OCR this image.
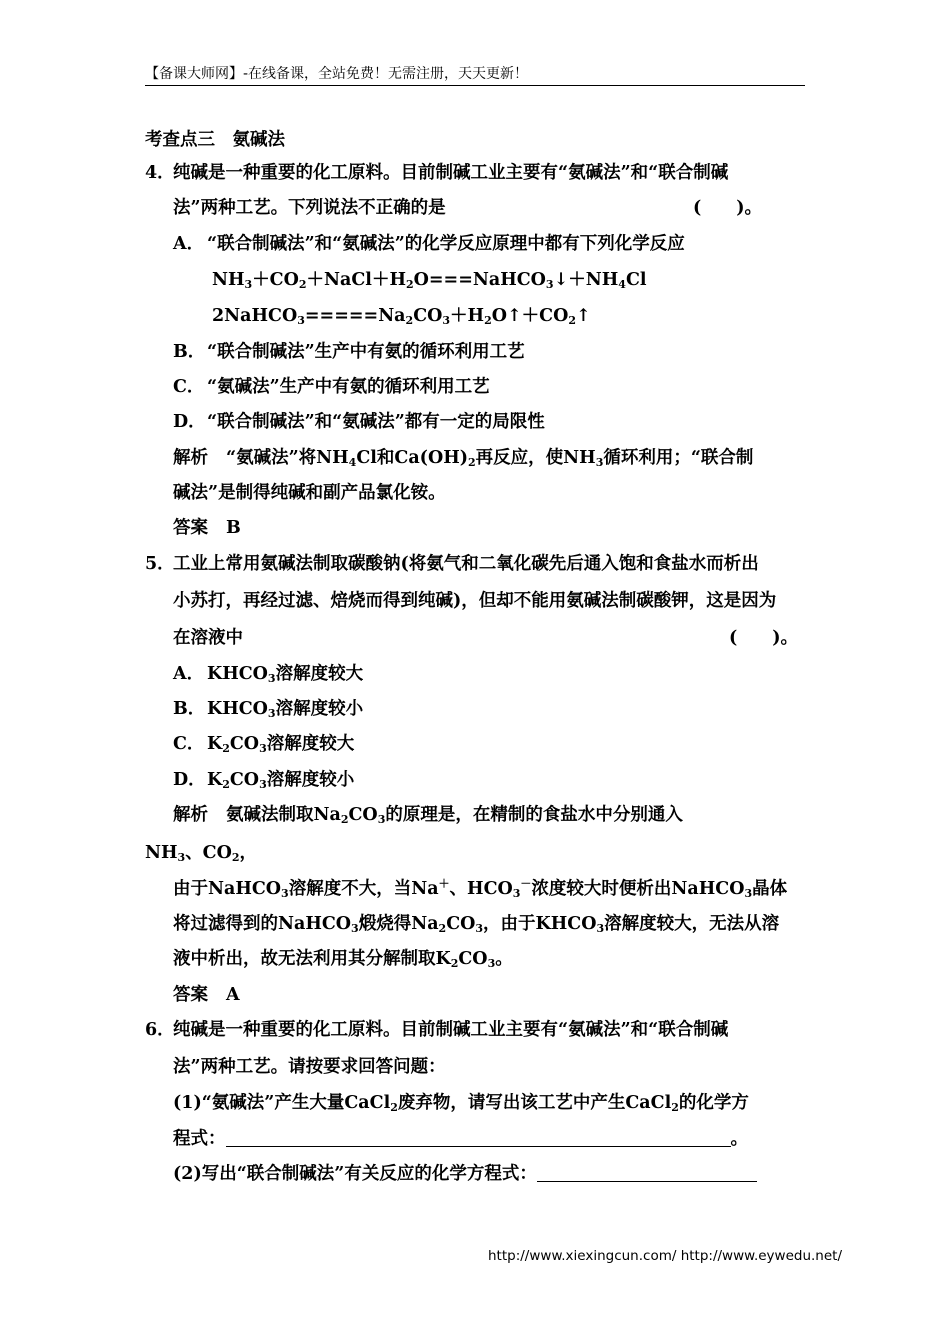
【备课大师网】-在线备课，全站免费！无需注册，天天更新！
考查点三　氨碱法
4．纯碱是一种重要的化工原料。目前制碱工业主要有“氨碱法”和“联合制碱
法”两种工艺。下列说法不正确的是	(　　)。
A． “联合制碱法”和“氨碱法”的化学反应原理中都有下列化学反应
$NH_3+CO_2+NaCl+H_2O===NaHCO_3↓+NH_4Cl$
$2NaHCO_3=====Na_2CO_3+H_2O↑+CO_2↑$
B．“联合制碱法”生产中有氨的循环利用工艺
C． “氨碱法”生产中有氨的循环利用工艺
D．“联合制碱法”和“氨碱法”都有一定的局限性
解析 “氨碱法”将$NH_4Cl$和$Ca(OH)_2$再反应，使$NH_3$循环利用；“联合制
碱法”是制得纯碱和副产品氯化铵。
答案 B
5．工业上常用氨碱法制取碳酸钠(将氨气和二氧化碳先后通入饱和食盐水而析出
小苏打，再经过滤、焙烧而得到纯碱)，但却不能用氨碱法制碳酸钾，这是因为
在溶液中	(　　)。
A． $KHCO_3$溶解度较大
B．$KHCO_3$溶解度较小
C． $K_2CO_3$溶解度较大
D．$K_2CO_3$溶解度较小
解析 氨碱法制取$Na_2CO_3$的原理是，在精制的食盐水中分别通入
$NH_3$、$CO_2$，
由于NaHCO$_3$溶解度不大，当Na＋、$HCO_3^-$浓度较大时便析出NaHCO$_3$晶体
将过滤得到的NaHCO$_3$煅烧得$Na_2CO_3$，由于$KHCO_3$溶解度较大，无法从溶
液中析出，故无法利用其分解制取$K_2CO_3$。
答案 A
6．纯碱是一种重要的化工原料。目前制碱工业主要有“氨碱法”和“联合制碱
法”两种工艺。请按要求回答问题：
(1)“氨碱法”产生大量CaCl$_2$废弃物，请写出该工艺中产生CaCl$_2$的化学方
程式：	。
(2)写出“联合制碱法”有关反应的化学方程式：
http://www.xiexingcun.com/ http://www.eywedu.net/
